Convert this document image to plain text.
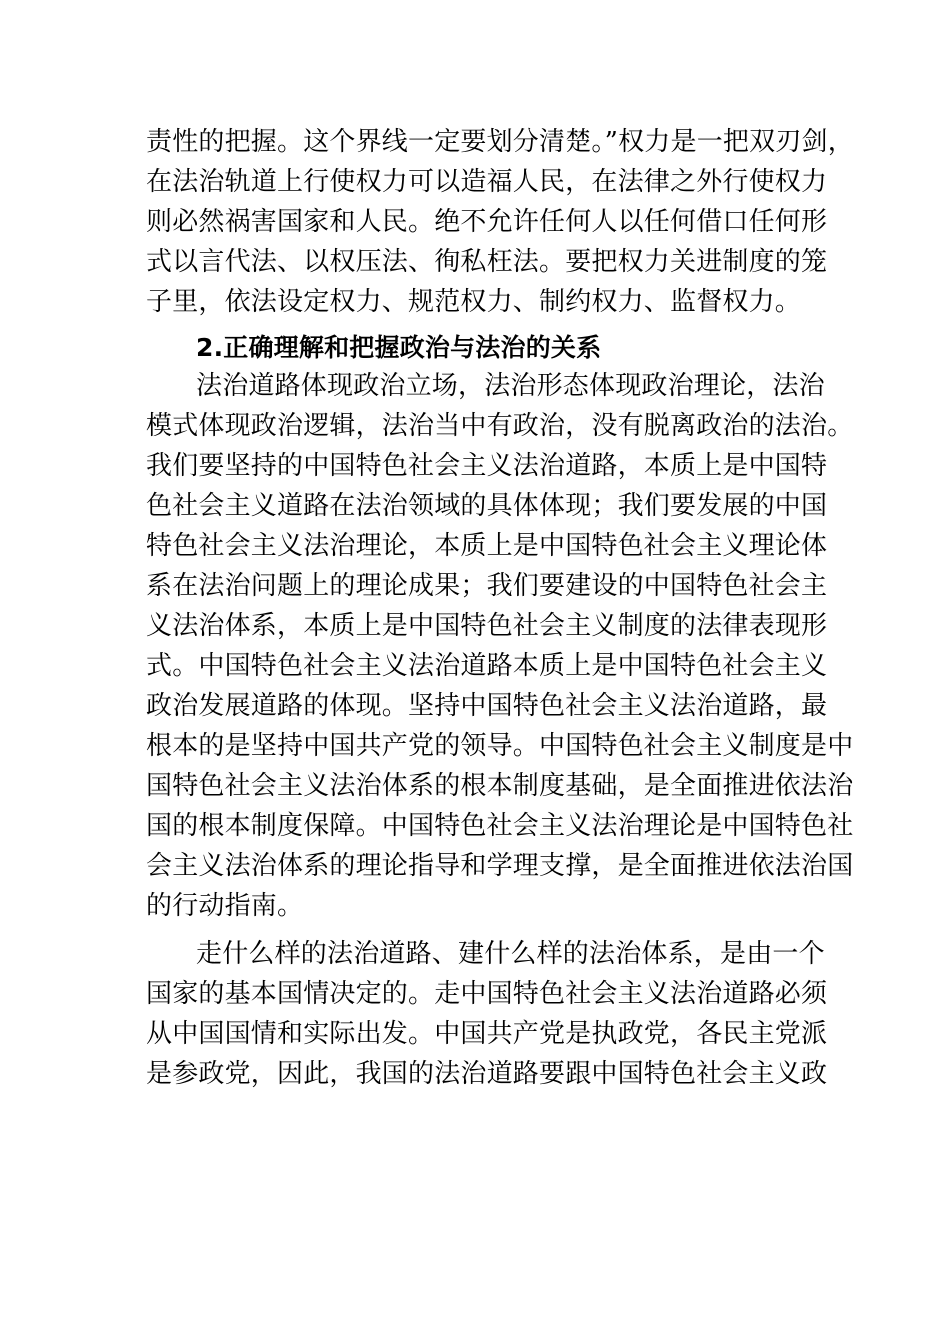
责性的把握。这个界线一定要划分清楚。”权力是一把双刃剑，
在法治轨道上行使权力可以造福人民，在法律之外行使权力
则必然祸害国家和人民。绝不允许任何人以任何借口任何形
式以言代法、以权压法、徇私枉法。要把权力关进制度的笼
子里，依法设定权力、规范权力、制约权力、监督权力。
2.正确理解和把握政治与法治的关系
法治道路体现政治立场，法治形态体现政治理论，法治
模式体现政治逻辑，法治当中有政治，没有脱离政治的法治。
我们要坚持的中国特色社会主义法治道路，本质上是中国特
色社会主义道路在法治领域的具体体现；我们要发展的中国
特色社会主义法治理论，本质上是中国特色社会主义理论体
系在法治问题上的理论成果；我们要建设的中国特色社会主
义法治体系，本质上是中国特色社会主义制度的法律表现形
式。中国特色社会主义法治道路本质上是中国特色社会主义
政治发展道路的体现。坚持中国特色社会主义法治道路，最
根本的是坚持中国共产党的领导。中国特色社会主义制度是中
国特色社会主义法治体系的根本制度基础，是全面推进依法治
国的根本制度保障。中国特色社会主义法治理论是中国特色社
会主义法治体系的理论指导和学理支撑，是全面推进依法治国
的行动指南。
走什么样的法治道路、建什么样的法治体系，是由一个
国家的基本国情决定的。走中国特色社会主义法治道路必须
从中国国情和实际出发。中国共产党是执政党，各民主党派
是参政党，因此，我国的法治道路要跟中国特色社会主义政
